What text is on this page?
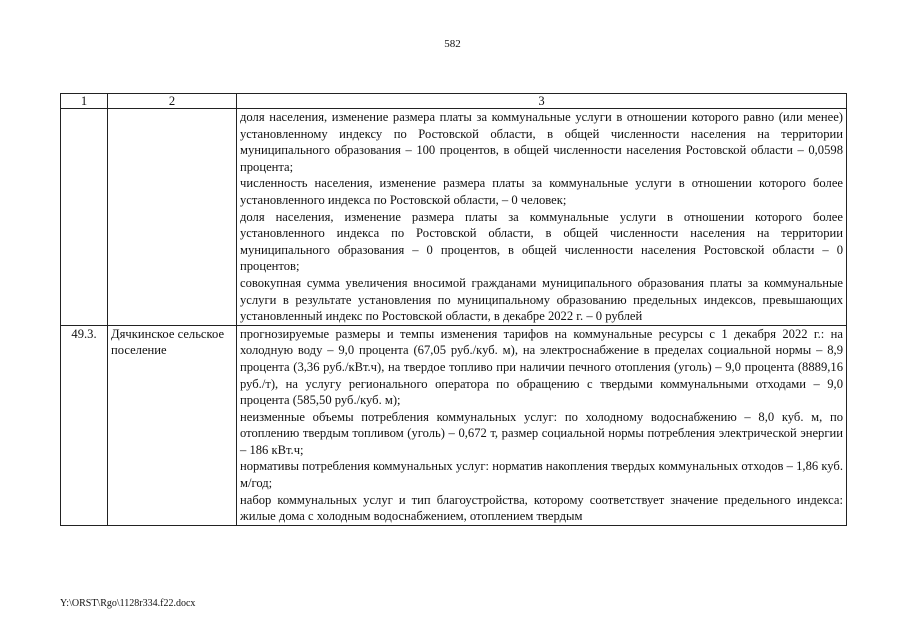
582
1	2	3

		доля населения, изменение размера платы за коммунальные услуги в отношении которого равно (или менее) установленному индексу по Ростовской области, в общей численности населения на территории муниципального образования – 100 процентов, в общей численности населения Ростовской области – 0,0598 процента;

численность населения, изменение размера платы за коммунальные услуги в отношении которого более установленного индекса по Ростовской области, – 0 человек;

доля населения, изменение размера платы за коммунальные услуги в отношении которого более установленного индекса по Ростовской области, в общей численности населения на территории муниципального образования – 0 процентов, в общей численности населения Ростовской области – 0 процентов;

совокупная сумма увеличения вносимой гражданами муниципального образования платы за коммунальные услуги в результате установления по муниципальному образованию предельных индексов, превышающих установленный индекс по Ростовской области, в декабре 2022 г. – 0 рублей

49.3.	Дячкинское сельское поселение	прогнозируемые размеры и темпы изменения тарифов на коммунальные ресурсы с 1 декабря 2022 г.: на холодную воду – 9,0 процента (67,05 руб./куб. м), на электроснабжение в пределах социальной нормы – 8,9 процента (3,36 руб./кВт.ч), на твердое топливо при наличии печного отопления (уголь) – 9,0 процента (8889,16 руб./т), на услугу регионального оператора по обращению с твердыми коммунальными отходами – 9,0 процента (585,50 руб./куб. м);

неизменные объемы потребления коммунальных услуг: по холодному водоснабжению – 8,0 куб. м, по отоплению твердым топливом (уголь) – 0,672 т, размер социальной нормы потребления электрической энергии – 186 кВт.ч;

нормативы потребления коммунальных услуг: норматив накопления твердых коммунальных отходов – 1,86 куб. м/год;

набор коммунальных услуг и тип благоустройства, которому соответствует значение предельного индекса: жилые дома с холодным водоснабжением, отоплением твердым

Y:\ORST\Rgo\1128r334.f22.docx
